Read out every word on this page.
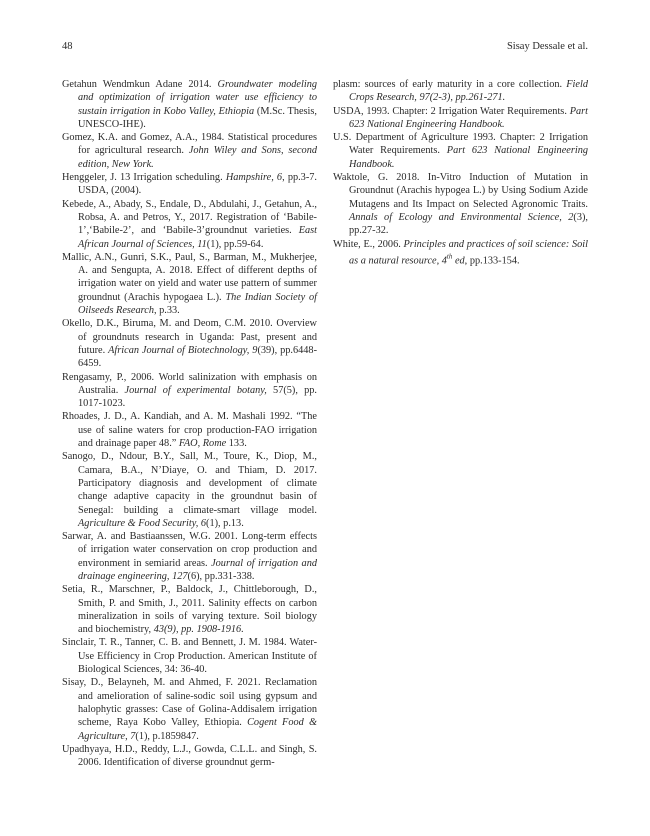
48	Sisay Dessale et al.

Getahun Wendmkun Adane 2014. Groundwater modeling and optimization of irrigation water use efficiency to sustain irrigation in Kobo Valley, Ethiopia (M.Sc. Thesis, UNESCO-IHE).

Gomez, K.A. and Gomez, A.A., 1984. Statistical procedures for agricultural research. John Wiley and Sons, second edition, New York.

Henggeler, J. 13 Irrigation scheduling. Hampshire, 6, pp.3-7. USDA, (2004).

Kebede, A., Abady, S., Endale, D., Abdulahi, J., Getahun, A., Robsa, A. and Petros, Y., 2017. Registration of ‘Babile-1’,‘Babile-2’, and ‘Babile-3’groundnut varieties. East African Journal of Sciences, 11(1), pp.59-64.

Mallic, A.N., Gunri, S.K., Paul, S., Barman, M., Mukherjee, A. and Sengupta, A. 2018. Effect of different depths of irrigation water on yield and water use pattern of summer groundnut (Arachis hypogaea L.). The Indian Society of Oilseeds Research, p.33.

Okello, D.K., Biruma, M. and Deom, C.M. 2010. Overview of groundnuts research in Uganda: Past, present and future. African Journal of Biotechnology, 9(39), pp.6448-6459.

Rengasamy, P., 2006. World salinization with emphasis on Australia. Journal of experimental botany, 57(5), pp. 1017-1023.

Rhoades, J. D., A. Kandiah, and A. M. Mashali 1992. “The use of saline waters for crop production-FAO irrigation and drainage paper 48.” FAO, Rome 133.

Sanogo, D., Ndour, B.Y., Sall, M., Toure, K., Diop, M., Camara, B.A., N’Diaye, O. and Thiam, D. 2017. Participatory diagnosis and development of climate change adaptive capacity in the groundnut basin of Senegal: building a climate-smart village model. Agriculture & Food Security, 6(1), p.13.

Sarwar, A. and Bastiaanssen, W.G. 2001. Long-term effects of irrigation water conservation on crop production and environment in semiarid areas. Journal of irrigation and drainage engineering, 127(6), pp.331-338.

Setia, R., Marschner, P., Baldock, J., Chittleborough, D., Smith, P. and Smith, J., 2011. Salinity effects on carbon mineralization in soils of varying texture. Soil biology and biochemistry, 43(9), pp. 1908-1916.

Sinclair, T. R., Tanner, C. B. and Bennett, J. M. 1984. Water-Use Efficiency in Crop Production. American Institute of Biological Sciences, 34: 36-40.

Sisay, D., Belayneh, M. and Ahmed, F. 2021. Reclamation and amelioration of saline-sodic soil using gypsum and halophytic grasses: Case of Golina-Addisalem irrigation scheme, Raya Kobo Valley, Ethiopia. Cogent Food & Agriculture, 7(1), p.1859847.

Upadhyaya, H.D., Reddy, L.J., Gowda, C.L.L. and Singh, S. 2006. Identification of diverse groundnut germ-

plasm: sources of early maturity in a core collection. Field Crops Research, 97(2-3), pp.261-271.

USDA, 1993. Chapter: 2 Irrigation Water Requirements. Part 623 National Engineering Handbook.

U.S. Department of Agriculture 1993. Chapter: 2 Irrigation Water Requirements. Part 623 National Engineering Handbook.

Waktole, G. 2018. In-Vitro Induction of Mutation in Groundnut (Arachis hypogea L.) by Using Sodium Azide Mutagens and Its Impact on Selected Agronomic Traits. Annals of Ecology and Environmental Science, 2(3), pp.27-32.

White, E., 2006. Principles and practices of soil science: Soil as a natural resource, 4th ed, pp.133-154.
